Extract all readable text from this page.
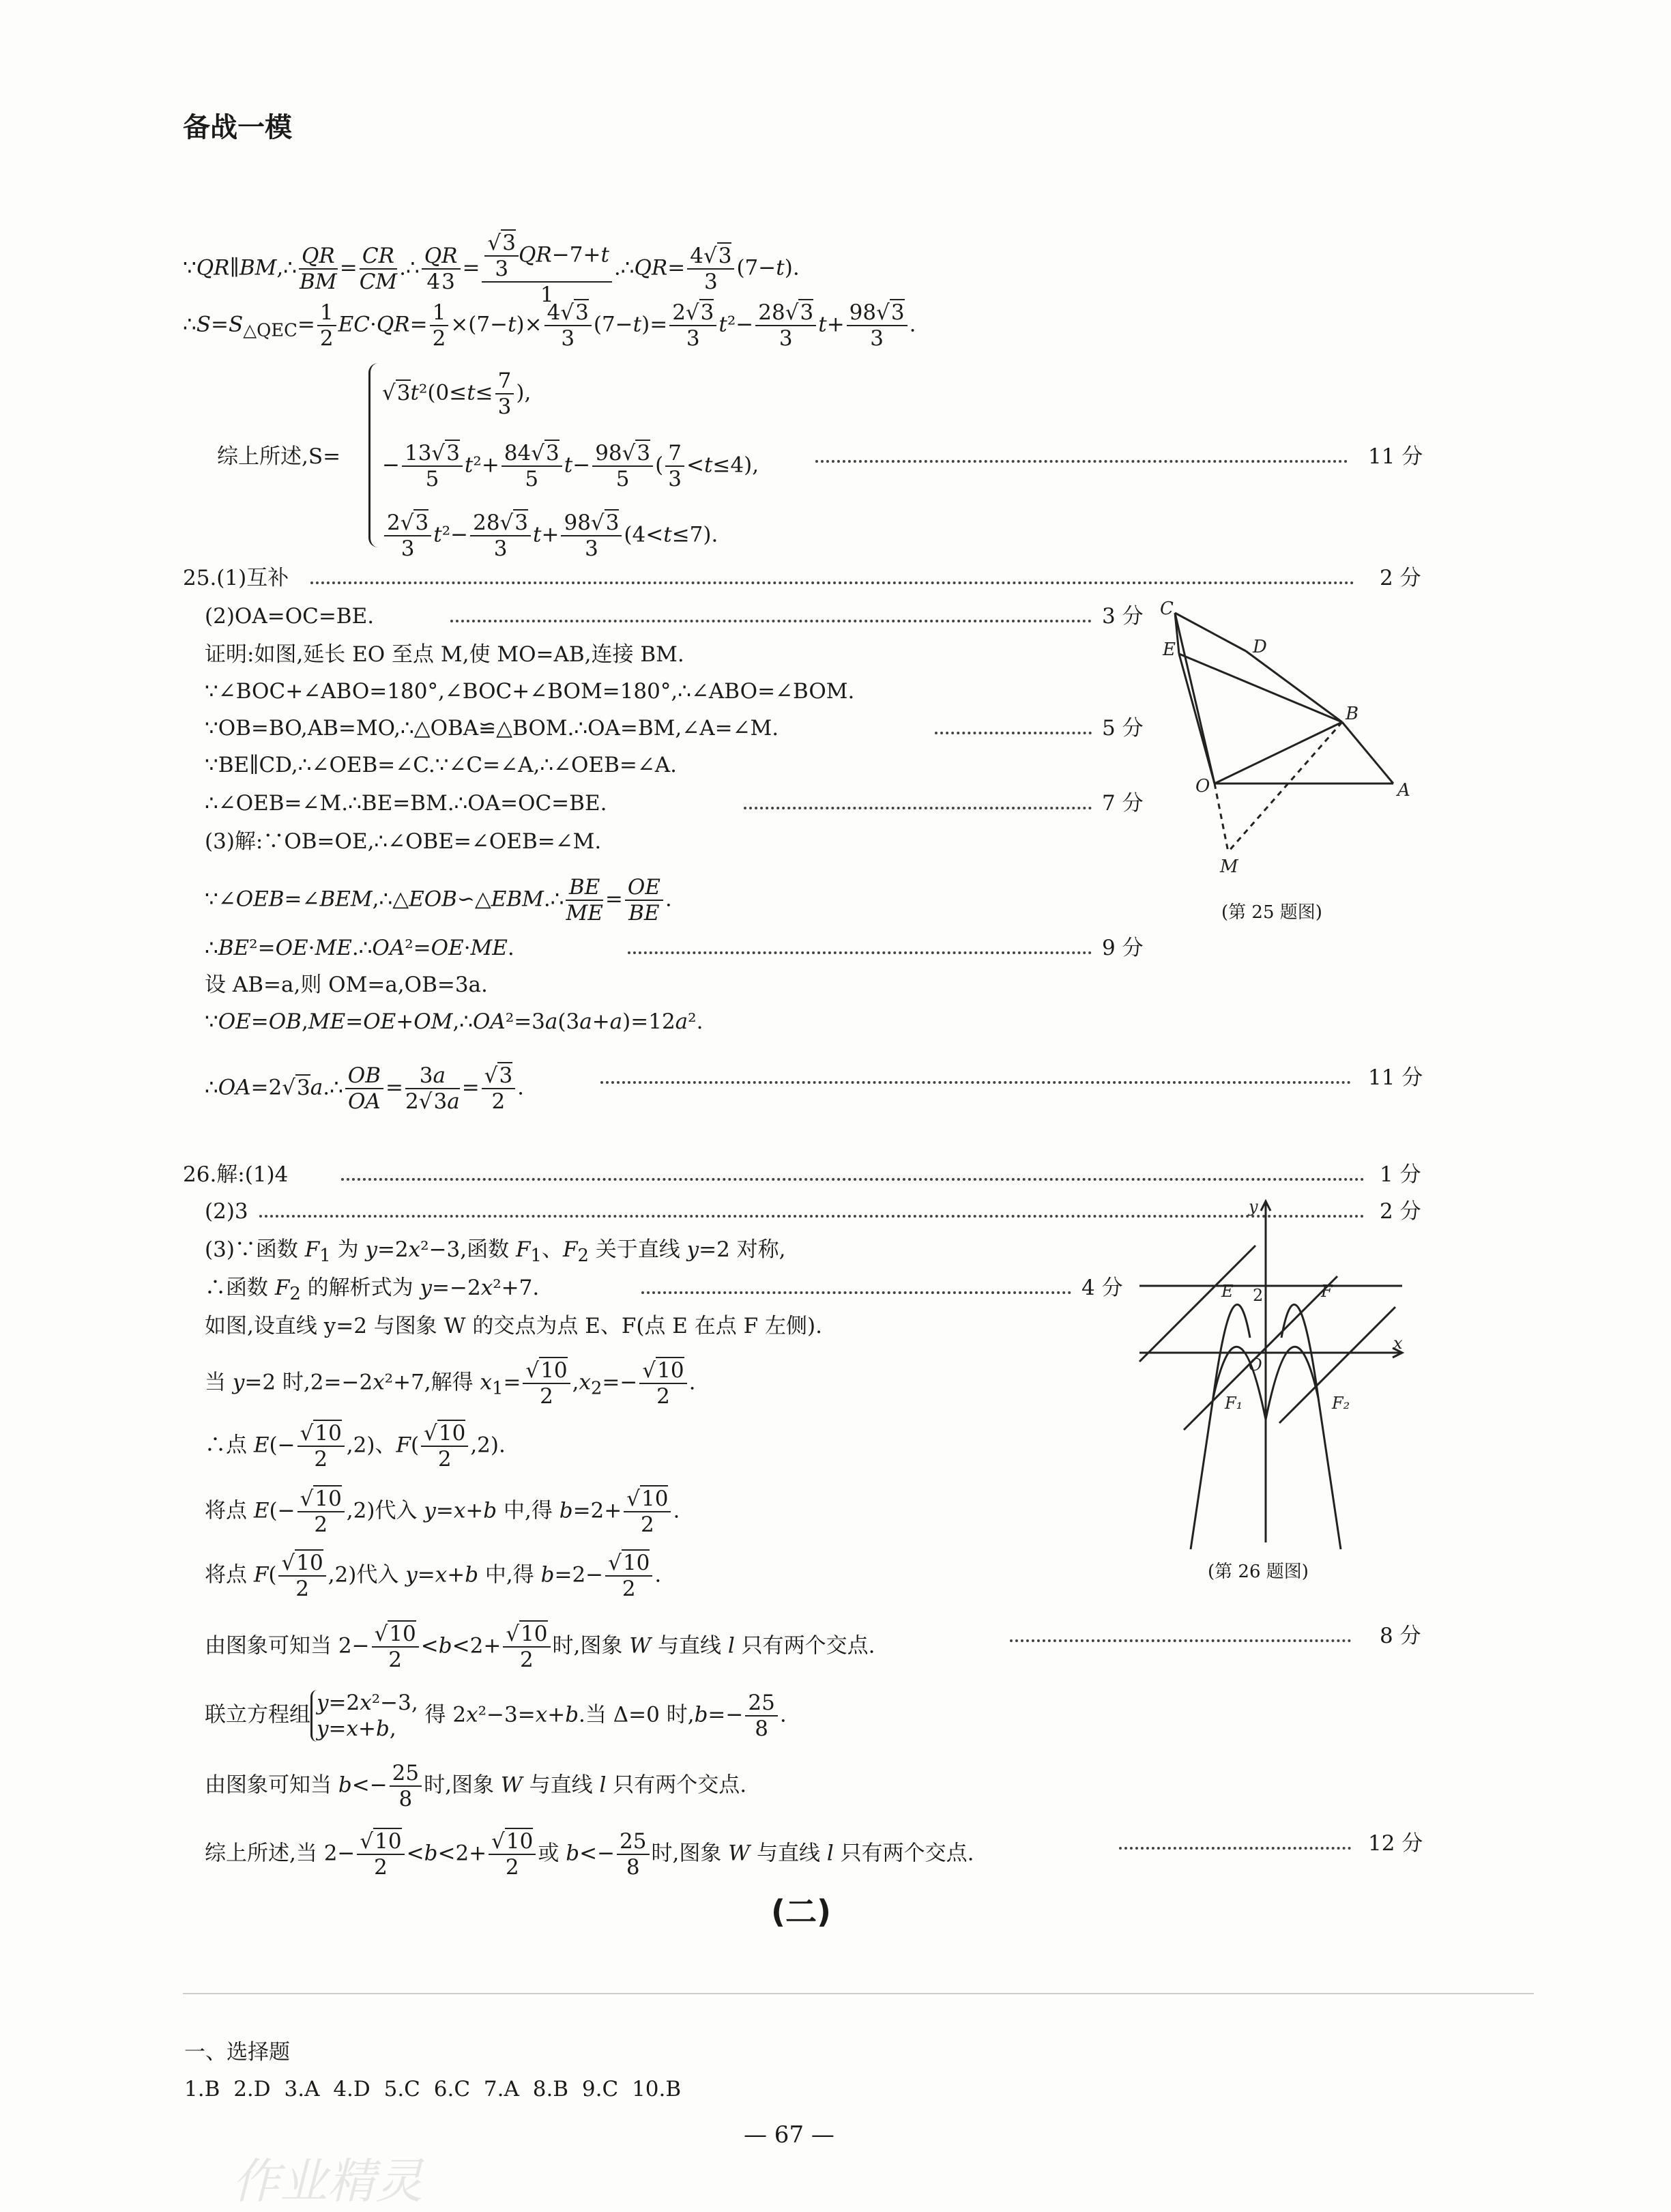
备战一模
∵QR∥BM,∴ $\frac{QR}{BM} = \frac{CR}{CM}$ .∴ $\frac{QR}{43} = \frac{\frac{√3}{3} QR-7+t}{1}$ .∴QR= $\frac{4√3}{3} (7-t)$.
$\therefore S=S_{\triangle QEC}= \frac{1}{2} EC\cdot QR= \frac{1}{2} \times(7-t)\times \frac{4√3}{3} (7-t)= \frac{2√3}{3} t^2- \frac{28√3}{3} t+ \frac{98√3}{3}$ .
综上所述,S=
$√3t^2(0\le t\le \frac{7}{3}$ ),
− $\frac{13√3}{5} t^2+ \frac{84√3}{5} t- \frac{98√3}{5}$ ( $\frac{7}{3} <t\le 4$),
$\frac{2√3}{3} t^2- \frac{28√3}{3} t+ \frac{98√3}{3} (4<t\le 7)$.
11 分
25.(1)互补	2 分
(2)OA=OC=BE.	3 分
证明:如图,延长 EO 至点 M,使 MO=AB,连接 BM.
∵∠BOC+∠ABO=180°,∠BOC+∠BOM=180°,∴∠ABO=∠BOM.
∵OB=BO,AB=MO,∴△OBA≌△BOM.∴OA=BM,∠A=∠M.	5 分
∵BE∥CD,∴∠OEB=∠C.∵∠C=∠A,∴∠OEB=∠A.
∴∠OEB=∠M.∴BE=BM.∴OA=OC=BE.	7 分
(3)解:∵OB=OE,∴∠OBE=∠OEB=∠M.
∵∠OEB=∠BEM,∴△EOB∽△EBM.∴ $\frac{BE}{ME} = \frac{OE}{BE}$ .
∴BE²=OE·ME.∴OA²=OE·ME.	9 分
设 AB=a,则 OM=a,OB=3a.
∵OE=OB,ME=OE+OM,∴OA²=3a(3a+a)=12a².
∴OA=2√3a.∴ $\frac{OB}{OA} = \frac{3a}{2√3a} = \frac{√3}{2}$ .	11 分
C
E	D
B
O	A
M
(第 25 题图)
26.解:(1)4	1 分
(2)3	2 分
(3)∵函数 $F_1$ 为 y=2x²−3,函数 $F_1$、$F_2$ 关于直线 y=2 对称,
∴函数 $F_2$ 的解析式为 y=−2x²+7.	4 分
如图,设直线 y=2 与图象 W 的交点为点 E、F(点 E 在点 F 左侧).
当 y=2 时,2=−2x²+7,解得 $x_1= \frac{√10}{2} ,x_2=- \frac{√10}{2}$ .
∴点 $E(- \frac{√10}{2} ,2)$、$F( \frac{√10}{2} ,2)$.
将点 $E(- \frac{√10}{2} ,2)$代入 y=x+b 中,得 $b=2+ \frac{√10}{2}$ .
将点 $F( \frac{√10}{2} ,2)$代入 y=x+b 中,得 $b=2- \frac{√10}{2}$ .
由图象可知当 $2- \frac{√10}{2} <b<2+ \frac{√10}{2}$ 时,图象 W 与直线 l 只有两个交点.	8 分
联立方程组 y=2x²−3,
y=x+b, 得 2x²−3=x+b.当 Δ=0 时$,b=- \frac{25}{8}$ .
由图象可知当 $b<- \frac{25}{8}$ 时,图象 W 与直线 l 只有两个交点.
综上所述,当 $2- \frac{√10}{2} <b<2+ \frac{√10}{2}$ 或 $b<- \frac{25}{8}$ 时,图象 W 与直线 l 只有两个交点.	12 分
y
x
E 2	F
O
F₁	F₂
(第 26 题图)
(二)
一、选择题
1.B 2.D 3.A 4.D 5.C 6.C 7.A 8.B 9.C 10.B
— 67 —
作业精灵
